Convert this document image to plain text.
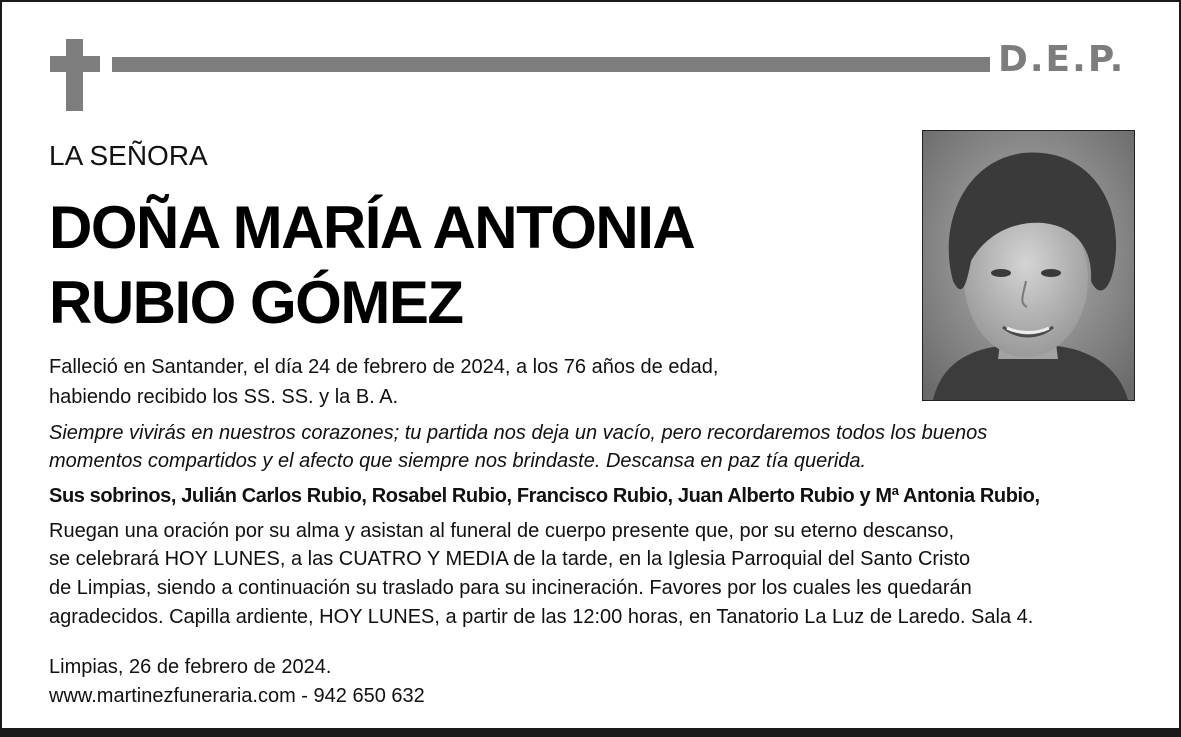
D.E.P.
LA SEÑORA
DOÑA MARÍA ANTONIA
RUBIO GÓMEZ
Falleció en Santander, el día 24 de febrero de 2024, a los 76 años de edad,
habiendo recibido los SS. SS. y la B. A.
Siempre vivirás en nuestros corazones; tu partida nos deja un vacío, pero recordaremos todos los buenos
momentos compartidos y el afecto que siempre nos brindaste. Descansa en paz tía querida.
Sus sobrinos, Julián Carlos Rubio, Rosabel Rubio, Francisco Rubio, Juan Alberto Rubio y Mª Antonia Rubio,
Ruegan una oración por su alma y asistan al funeral de cuerpo presente que, por su eterno descanso,
se celebrará HOY LUNES, a las CUATRO Y MEDIA de la tarde, en la Iglesia Parroquial del Santo Cristo
de Limpias, siendo a continuación su traslado para su incineración. Favores por los cuales les quedarán
agradecidos. Capilla ardiente, HOY LUNES, a partir de las 12:00 horas, en Tanatorio La Luz de Laredo. Sala 4.
Limpias, 26 de febrero de 2024.
www.martinezfuneraria.com - 942 650 632
